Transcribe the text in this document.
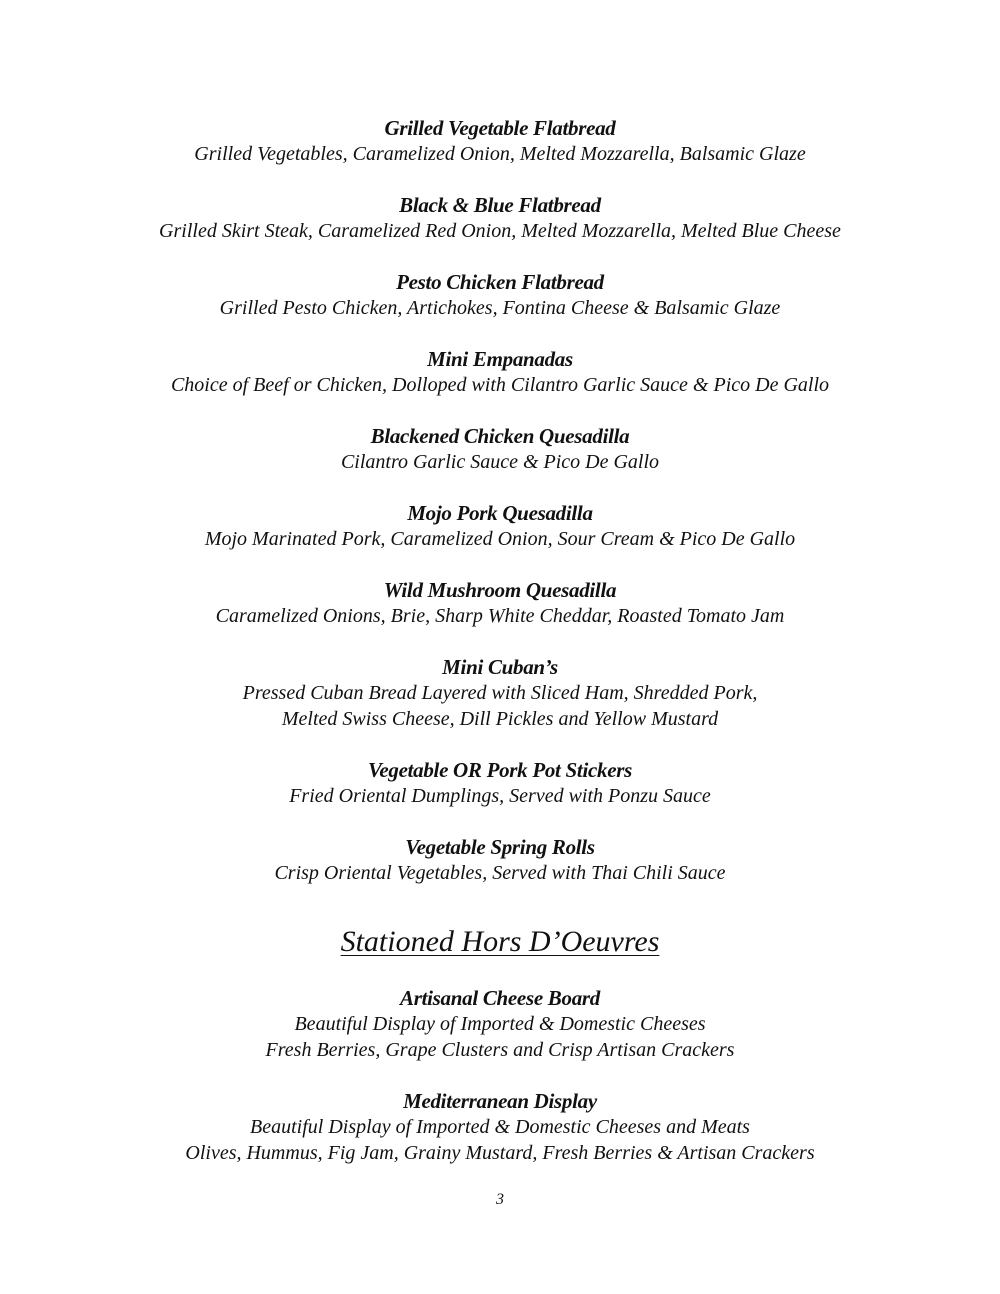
Grilled Vegetable Flatbread
Grilled Vegetables, Caramelized Onion, Melted Mozzarella, Balsamic Glaze
Black & Blue Flatbread
Grilled Skirt Steak, Caramelized Red Onion, Melted Mozzarella, Melted Blue Cheese
Pesto Chicken Flatbread
Grilled Pesto Chicken, Artichokes, Fontina Cheese & Balsamic Glaze
Mini Empanadas
Choice of Beef or Chicken, Dolloped with Cilantro Garlic Sauce & Pico De Gallo
Blackened Chicken Quesadilla
Cilantro Garlic Sauce & Pico De Gallo
Mojo Pork Quesadilla
Mojo Marinated Pork, Caramelized Onion, Sour Cream & Pico De Gallo
Wild Mushroom Quesadilla
Caramelized Onions, Brie, Sharp White Cheddar, Roasted Tomato Jam
Mini Cuban’s
Pressed Cuban Bread Layered with Sliced Ham, Shredded Pork,
Melted Swiss Cheese, Dill Pickles and Yellow Mustard
Vegetable OR Pork Pot Stickers
Fried Oriental Dumplings, Served with Ponzu Sauce
Vegetable Spring Rolls
Crisp Oriental Vegetables, Served with Thai Chili Sauce
Stationed Hors D’Oeuvres
Artisanal Cheese Board
Beautiful Display of Imported & Domestic Cheeses
Fresh Berries, Grape Clusters and Crisp Artisan Crackers
Mediterranean Display
Beautiful Display of Imported & Domestic Cheeses and Meats
Olives, Hummus, Fig Jam, Grainy Mustard, Fresh Berries & Artisan Crackers
3
